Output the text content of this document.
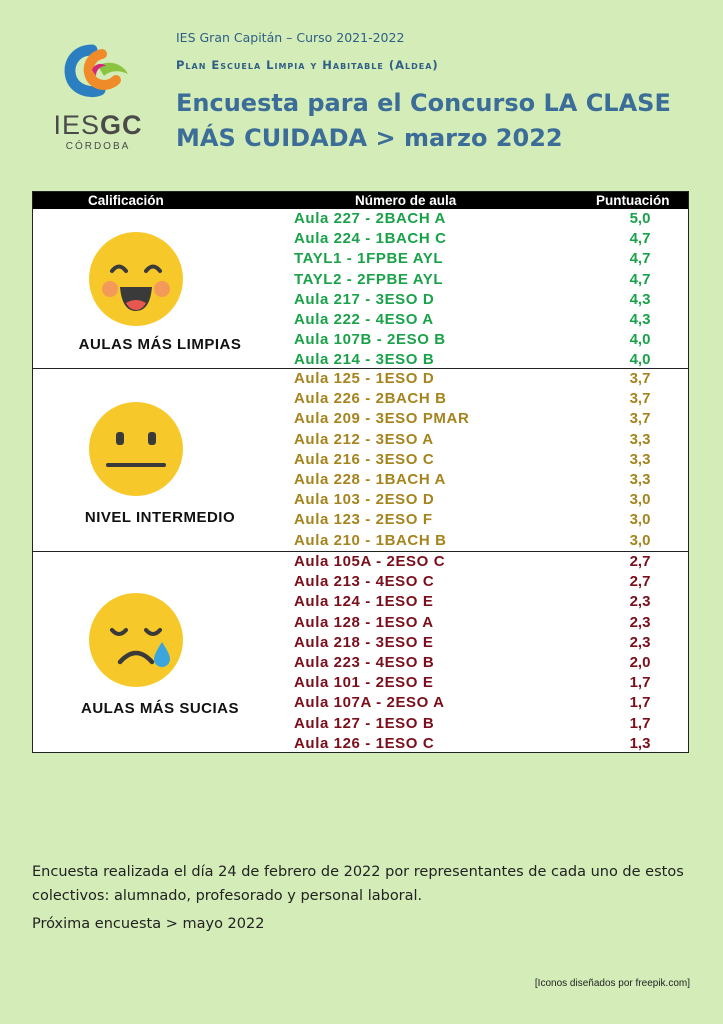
IESGC
CÓRDOBA
IES Gran Capitán – Curso 2021-2022
Plan Escuela Limpia y Habitable (Aldea)
Encuesta para el Concurso LA CLASE MÁS CUIDADA > marzo 2022
Calificación	Número de aula	Puntuación
AULAS MÁS LIMPIAS
Aula 227 - 2BACH A	5,0
Aula 224 - 1BACH C	4,7
TAYL1 - 1FPBE AYL	4,7
TAYL2 - 2FPBE AYL	4,7
Aula 217 - 3ESO D	4,3
Aula 222 - 4ESO A	4,3
Aula 107B - 2ESO B	4,0
Aula 214 - 3ESO B	4,0
NIVEL INTERMEDIO
Aula 125 - 1ESO D	3,7
Aula 226 - 2BACH B	3,7
Aula 209 - 3ESO PMAR	3,7
Aula 212 - 3ESO A	3,3
Aula 216 - 3ESO C	3,3
Aula 228 - 1BACH A	3,3
Aula 103 - 2ESO D	3,0
Aula 123 - 2ESO F	3,0
Aula 210 - 1BACH B	3,0
AULAS MÁS SUCIAS
Aula 105A - 2ESO C	2,7
Aula 213 - 4ESO C	2,7
Aula 124 - 1ESO E	2,3
Aula 128 - 1ESO A	2,3
Aula 218 - 3ESO E	2,3
Aula 223 - 4ESO B	2,0
Aula 101 - 2ESO E	1,7
Aula 107A - 2ESO A	1,7
Aula 127 - 1ESO B	1,7
Aula 126 - 1ESO C	1,3
Encuesta realizada el día 24 de febrero de 2022 por representantes de cada uno de estos colectivos: alumnado, profesorado y personal laboral.
Próxima encuesta > mayo 2022
[Iconos diseñados por freepik.com]
